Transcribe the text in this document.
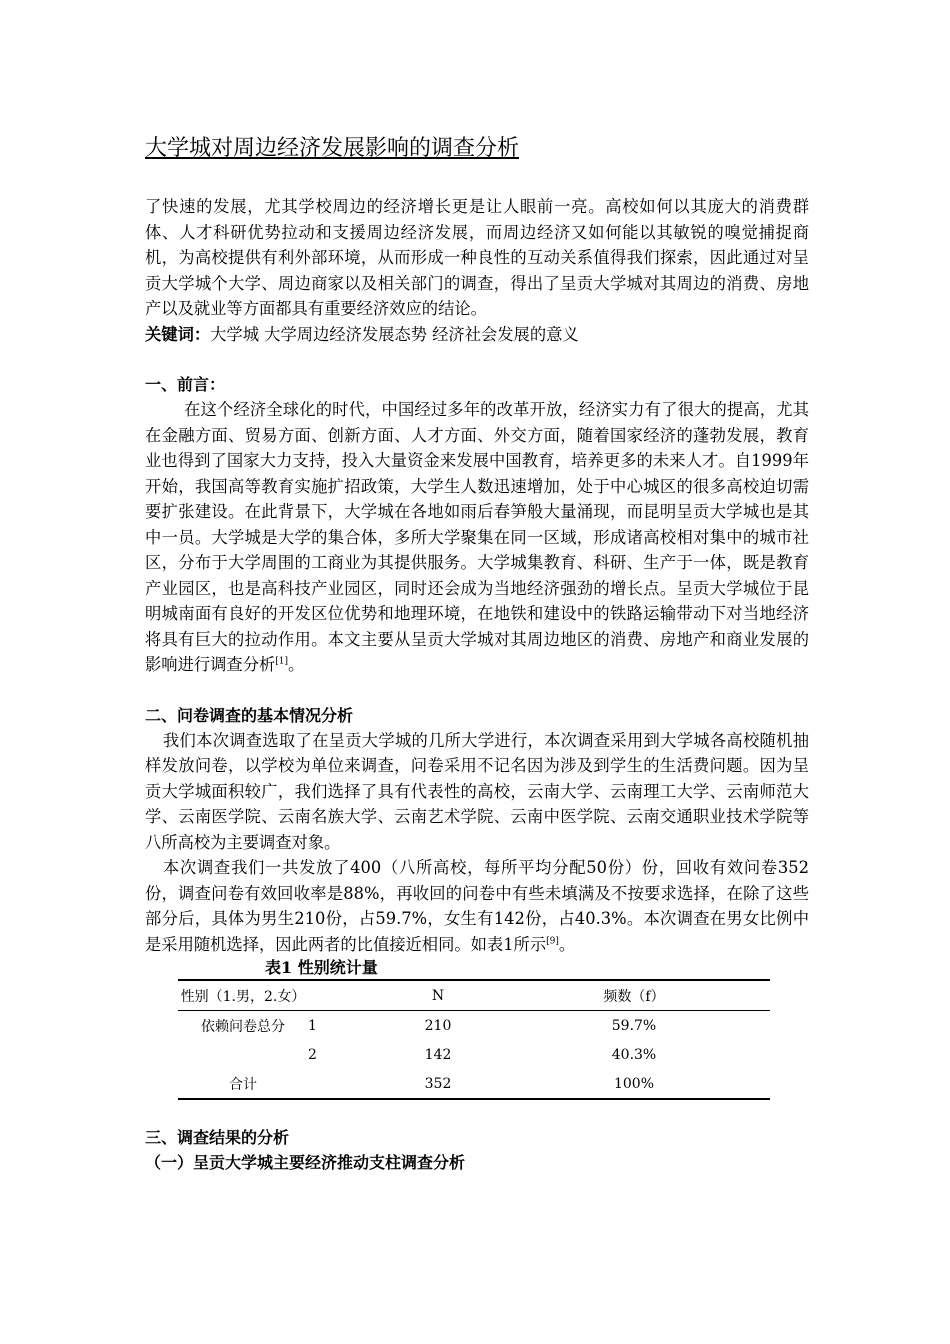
大学城对周边经济发展影响的调查分析

了快速的发展，尤其学校周边的经济增长更是让人眼前一亮。高校如何以其庞大的消费群体、人才科研优势拉动和支援周边经济发展，而周边经济又如何能以其敏锐的嗅觉捕捉商机，为高校提供有利外部环境，从而形成一种良性的互动关系值得我们探索，因此通过对呈贡大学城个大学、周边商家以及相关部门的调查，得出了呈贡大学城对其周边的消费、房地产以及就业等方面都具有重要经济效应的结论。

关键词：大学城 大学周边经济发展态势 经济社会发展的意义

一、前言：

在这个经济全球化的时代，中国经过多年的改革开放，经济实力有了很大的提高，尤其在金融方面、贸易方面、创新方面、人才方面、外交方面，随着国家经济的蓬勃发展，教育业也得到了国家大力支持，投入大量资金来发展中国教育，培养更多的未来人才。自1999年开始，我国高等教育实施扩招政策，大学生人数迅速增加，处于中心城区的很多高校迫切需要扩张建设。在此背景下，大学城在各地如雨后春笋般大量涌现，而昆明呈贡大学城也是其中一员。大学城是大学的集合体，多所大学聚集在同一区域，形成诸高校相对集中的城市社区，分布于大学周围的工商业为其提供服务。大学城集教育、科研、生产于一体，既是教育产业园区，也是高科技产业园区，同时还会成为当地经济强劲的增长点。呈贡大学城位于昆明城南面有良好的开发区位优势和地理环境，在地铁和建设中的铁路运输带动下对当地经济将具有巨大的拉动作用。本文主要从呈贡大学城对其周边地区的消费、房地产和商业发展的影响进行调查分析[1]。

二、问卷调查的基本情况分析

我们本次调查选取了在呈贡大学城的几所大学进行，本次调查采用到大学城各高校随机抽样发放问卷，以学校为单位来调查，问卷采用不记名因为涉及到学生的生活费问题。因为呈贡大学城面积较广，我们选择了具有代表性的高校，云南大学、云南理工大学、云南师范大学、云南医学院、云南名族大学、云南艺术学院、云南中医学院、云南交通职业技术学院等八所高校为主要调查对象。

本次调查我们一共发放了400（八所高校，每所平均分配50份）份，回收有效问卷352份，调查问卷有效回收率是88%，再收回的问卷中有些未填满及不按要求选择，在除了这些部分后，具体为男生210份，占59.7%，女生有142份，占40.3%。本次调查在男女比例中是采用随机选择，因此两者的比值接近相同。如表1所示[9]。

表1 性别统计量
性别（1.男，2.女）		N	频数（f）
依赖问卷总分	1	210	59.7%
	2	142	40.3%
合计		352	100%
三、调查结果的分析
（一）呈贡大学城主要经济推动支柱调查分析
